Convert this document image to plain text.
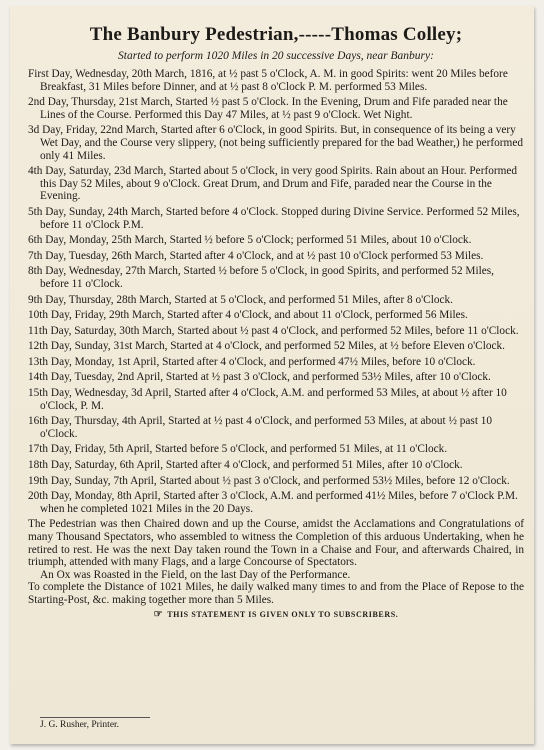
The Banbury Pedestrian,-----Thomas Colley;
Started to perform 1020 Miles in 20 successive Days, near Banbury:

First Day, Wednesday, 20th March, 1816, at ½ past 5 o'Clock, A. M. in good Spirits: went 20 Miles before Breakfast, 31 Miles before Dinner, and at ½ past 8 o'Clock P. M. performed 53 Miles.

2nd Day, Thursday, 21st March, Started ½ past 5 o'Clock. In the Evening, Drum and Fife paraded near the Lines of the Course. Performed this Day 47 Miles, at ½ past 9 o'Clock. Wet Night.

3d Day, Friday, 22nd March, Started after 6 o'Clock, in good Spirits. But, in consequence of its being a very Wet Day, and the Course very slippery, (not being sufficiently prepared for the bad Weather,) he performed only 41 Miles.

4th Day, Saturday, 23d March, Started about 5 o'Clock, in very good Spirits. Rain about an Hour. Performed this Day 52 Miles, about 9 o'Clock. Great Drum, and Drum and Fife, paraded near the Course in the Evening.

5th Day, Sunday, 24th March, Started before 4 o'Clock. Stopped during Divine Service. Performed 52 Miles, before 11 o'Clock P.M.

6th Day, Monday, 25th March, Started ½ before 5 o'Clock; performed 51 Miles, about 10 o'Clock.

7th Day, Tuesday, 26th March, Started after 4 o'Clock, and at ½ past 10 o'Clock performed 53 Miles.

8th Day, Wednesday, 27th March, Started ½ before 5 o'Clock, in good Spirits, and performed 52 Miles, before 11 o'Clock.

9th Day, Thursday, 28th March, Started at 5 o'Clock, and performed 51 Miles, after 8 o'Clock.

10th Day, Friday, 29th March, Started after 4 o'Clock, and about 11 o'Clock, performed 56 Miles.

11th Day, Saturday, 30th March, Started about ½ past 4 o'Clock, and performed 52 Miles, before 11 o'Clock.

12th Day, Sunday, 31st March, Started at 4 o'Clock, and performed 52 Miles, at ½ before Eleven o'Clock.

13th Day, Monday, 1st April, Started after 4 o'Clock, and performed 47½ Miles, before 10 o'Clock.

14th Day, Tuesday, 2nd April, Started at ½ past 3 o'Clock, and performed 53½ Miles, after 10 o'Clock.

15th Day, Wednesday, 3d April, Started after 4 o'Clock, A.M. and performed 53 Miles, at about ½ after 10 o'Clock, P. M.

16th Day, Thursday, 4th April, Started at ½ past 4 o'Clock, and performed 53 Miles, at about ½ past 10 o'Clock.

17th Day, Friday, 5th April, Started before 5 o'Clock, and performed 51 Miles, at 11 o'Clock.

18th Day, Saturday, 6th April, Started after 4 o'Clock, and performed 51 Miles, after 10 o'Clock.

19th Day, Sunday, 7th April, Started about ½ past 3 o'Clock, and performed 53½ Miles, before 12 o'Clock.

20th Day, Monday, 8th April, Started after 3 o'Clock, A.M. and performed 41½ Miles, before 7 o'Clock P.M. when he completed 1021 Miles in the 20 Days.

The Pedestrian was then Chaired down and up the Course, amidst the Acclamations and Congratulations of many Thousand Spectators, who assembled to witness the Completion of this arduous Undertaking, when he retired to rest. He was the next Day taken round the Town in a Chaise and Four, and afterwards Chaired, in triumph, attended with many Flags, and a large Concourse of Spectators.

An Ox was Roasted in the Field, on the last Day of the Performance.

To complete the Distance of 1021 Miles, he daily walked many times to and from the Place of Repose to the Starting-Post, &c. making together more than 5 Miles.

☞ THIS STATEMENT IS GIVEN ONLY TO SUBSCRIBERS.
J. G. Rusher, Printer.
